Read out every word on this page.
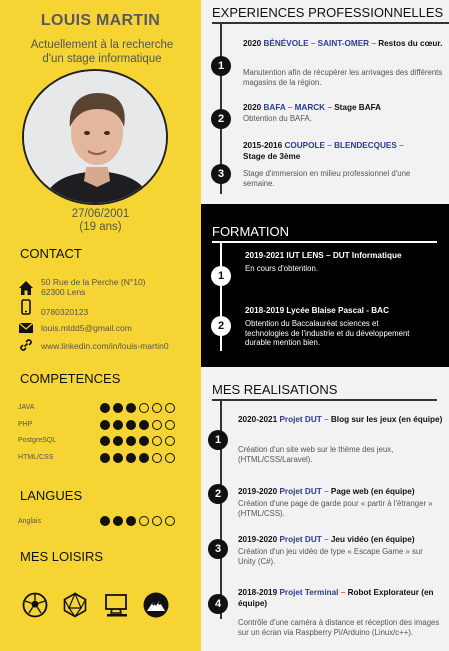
LOUIS MARTIN
Actuellement à la recherche
d'un stage informatique
27/06/2001
(19 ans)
CONTACT
50 Rue de la Perche (N°10)
62300 Lens
0780320123
louis.mtdd5@gmail.com
www.linkedin.com/in/louis-martin0
COMPETENCES
JAVA
PHP
PostgreSQL
HTML/CSS
LANGUES
Anglais
MES LOISIRS
EXPERIENCES PROFESSIONNELLES
1
2020 BÉNÉVOLE – SAINT-OMER – Restos du cœur.
Manutention afin de récupérer les arrivages des différents magasins de la région.
2
2020 BAFA – MARCK – Stage BAFA
Obtention du BAFA.
3
2015-2016 COUPOLE – BLENDECQUES –
Stage de 3ème
Stage d'immersion en milieu professionnel d'une semaine.
FORMATION
1
2019-2021 IUT LENS – DUT Informatique
En cours d'obtention.
2
2018-2019 Lycée Blaise Pascal - BAC
Obtention du Baccalauréat sciences et technologies de l'industrie et du développement durable mention bien.
MES REALISATIONS
1
2020-2021 Projet DUT – Blog sur les jeux (en équipe)
Création d'un site web sur le thème des jeux, (HTML/CSS/Laravel).
2	2019-2020 Projet DUT – Page web (en équipe)
Création d'une page de garde pour « partir à l'étranger » (HTML/CSS).
3
2019-2020 Projet DUT – Jeu vidéo (en équipe)
Création d'un jeu vidéo de type « Escape Game » sur Unity (C#).
4
2018-2019 Projet Terminal – Robot Explorateur (en équipe)
Contrôle d'une caméra à distance et réception des images sur un écran via Raspberry Pi/Arduino (Linux/c++).
